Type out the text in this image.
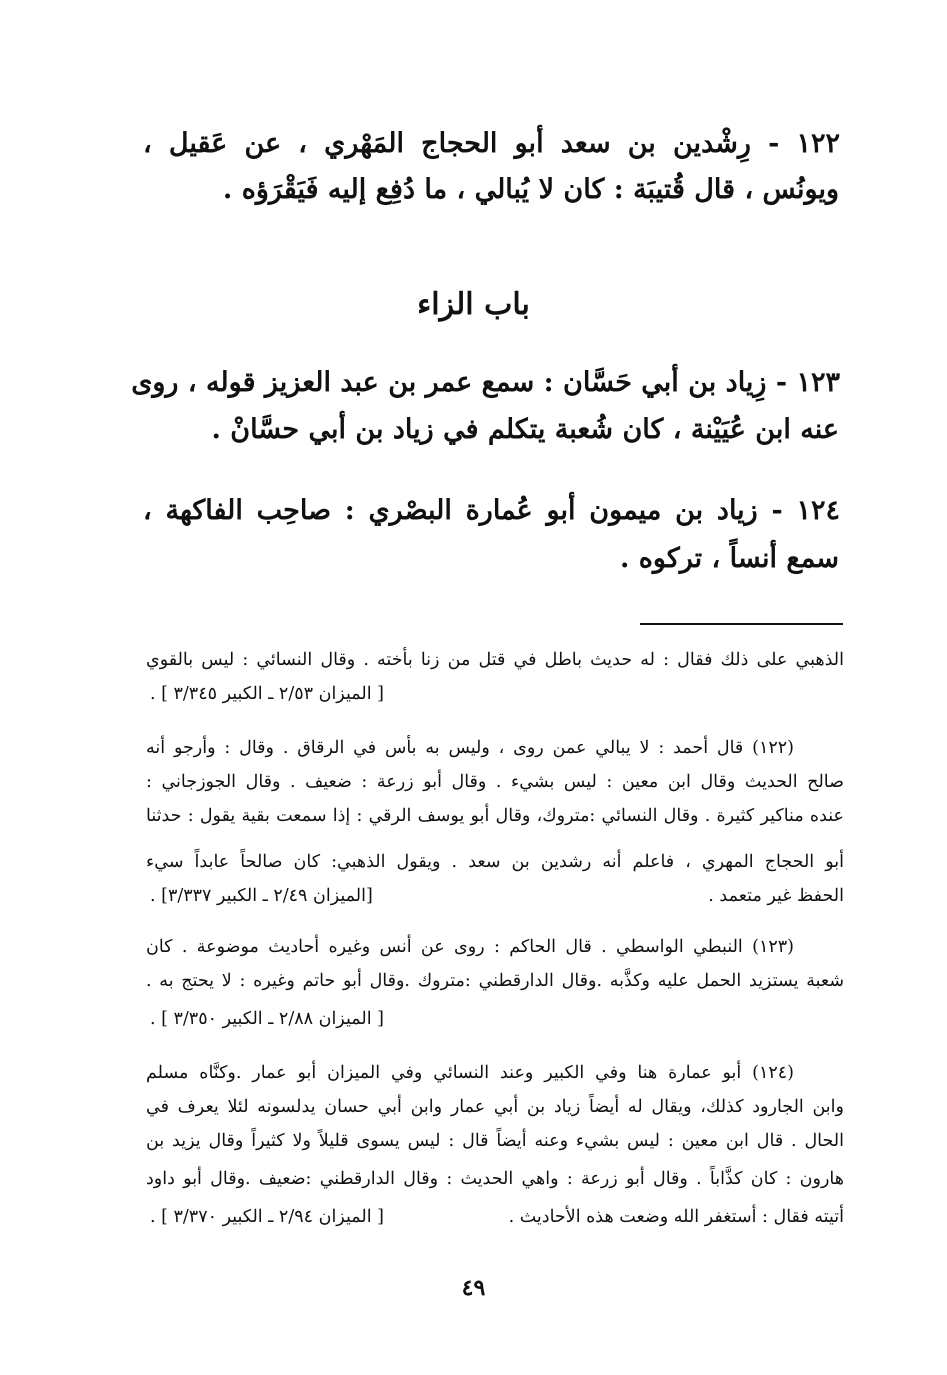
١٢٢ - رِشْدين بن سعد أبو الحجاج المَهْري ، عن عَقيل ،
ويونُس ، قال قُتيبَة : كان لا يُبالي ، ما دُفِع إليه فَيَقْرَؤه .
باب الزاء
١٢٣ - زِياد بن أبي حَسَّان : سمع عمر بن عبد العزيز قوله ، روى
عنه ابن عُيَيْنة ، كان شُعبة يتكلم في زياد بن أبي حسَّانْ .
١٢٤ - زياد بن ميمون أبو عُمارة البصْري : صاحِب الفاكهة ،
سمع أنساً ، تركوه .
الذهبي على ذلك فقال : له حديث باطل في قتل من زنا بأخته . وقال النسائي : ليس بالقوي
[ الميزان ٢/٥٣ ـ الكبير ٣/٣٤٥ ] .
(١٢٢) قال أحمد : لا يبالي عمن روى ، وليس به بأس في الرقاق . وقال : وأرجو أنه
صالح الحديث وقال ابن معين : ليس بشيء . وقال أبو زرعة : ضعيف . وقال الجوزجاني :
عنده مناكير كثيرة . وقال النسائي :متروك، وقال أبو يوسف الرقي : إذا سمعت بقية يقول : حدثنا
أبو الحجاج المهري ، فاعلم أنه رشدين بن سعد . ويقول الذهبي: كان صالحاً عابداً سيء
الحفظ غير متعمد .
[الميزان ٢/٤٩ ـ الكبير ٣/٣٣٧] .
(١٢٣) النبطي الواسطي . قال الحاكم : روى عن أنس وغيره أحاديث موضوعة . كان
شعبة يستزيد الحمل عليه وكذَّبه .وقال الدارقطني :متروك .وقال أبو حاتم وغيره : لا يحتج به .
[ الميزان ٢/٨٨ ـ الكبير ٣/٣٥٠ ] .
(١٢٤) أبو عمارة هنا وفي الكبير وعند النسائي وفي الميزان أبو عمار .وكنَّاه مسلم
وابن الجارود كذلك، ويقال له أيضاً زياد بن أبي عمار وابن أبي حسان يدلسونه لئلا يعرف في
الحال . قال ابن معين : ليس بشيء وعنه أيضاً قال : ليس يسوى قليلاً ولا كثيراً وقال يزيد بن
هارون : كان كذَّاباً . وقال أبو زرعة : واهي الحديث : وقال الدارقطني :ضعيف .وقال أبو داود
أتيته فقال : أستغفر الله وضعت هذه الأحاديث .
[ الميزان ٢/٩٤ ـ الكبير ٣/٣٧٠ ] .
٤٩
